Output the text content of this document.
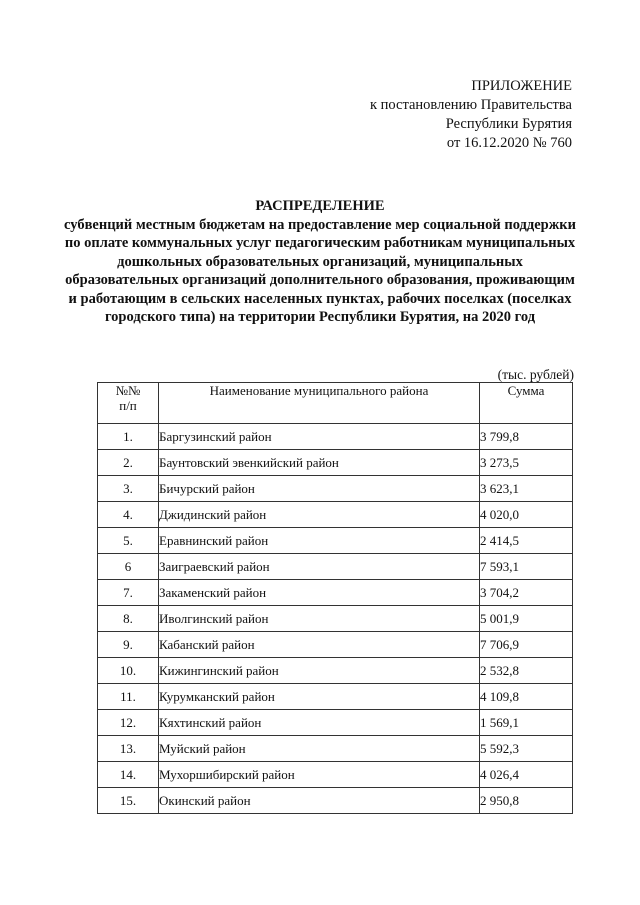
ПРИЛОЖЕНИЕ
к постановлению Правительства
Республики Бурятия
от 16.12.2020 № 760
РАСПРЕДЕЛЕНИЕ
субвенций местным бюджетам на предоставление мер социальной поддержки по оплате коммунальных услуг педагогическим работникам муниципальных дошкольных образовательных организаций, муниципальных образовательных организаций дополнительного образования, проживающим и работающим в сельских населенных пунктах, рабочих поселках (поселках городского типа) на территории Республики Бурятия, на 2020 год
(тыс. рублей)
№№
п/п	Наименование муниципального района	Сумма
1.	Баргузинский район	3 799,8
2.	Баунтовский эвенкийский район	3 273,5
3.	Бичурский район	3 623,1
4.	Джидинский район	4 020,0
5.	Еравнинский район	2 414,5
6	Заиграевский район	7 593,1
7.	Закаменский район	3 704,2
8.	Иволгинский район	5 001,9
9.	Кабанский район	7 706,9
10.	Кижингинский район	2 532,8
11.	Курумканский район	4 109,8
12.	Кяхтинский район	1 569,1
13.	Муйский район	5 592,3
14.	Мухоршибирский район	4 026,4
15.	Окинский район	2 950,8
